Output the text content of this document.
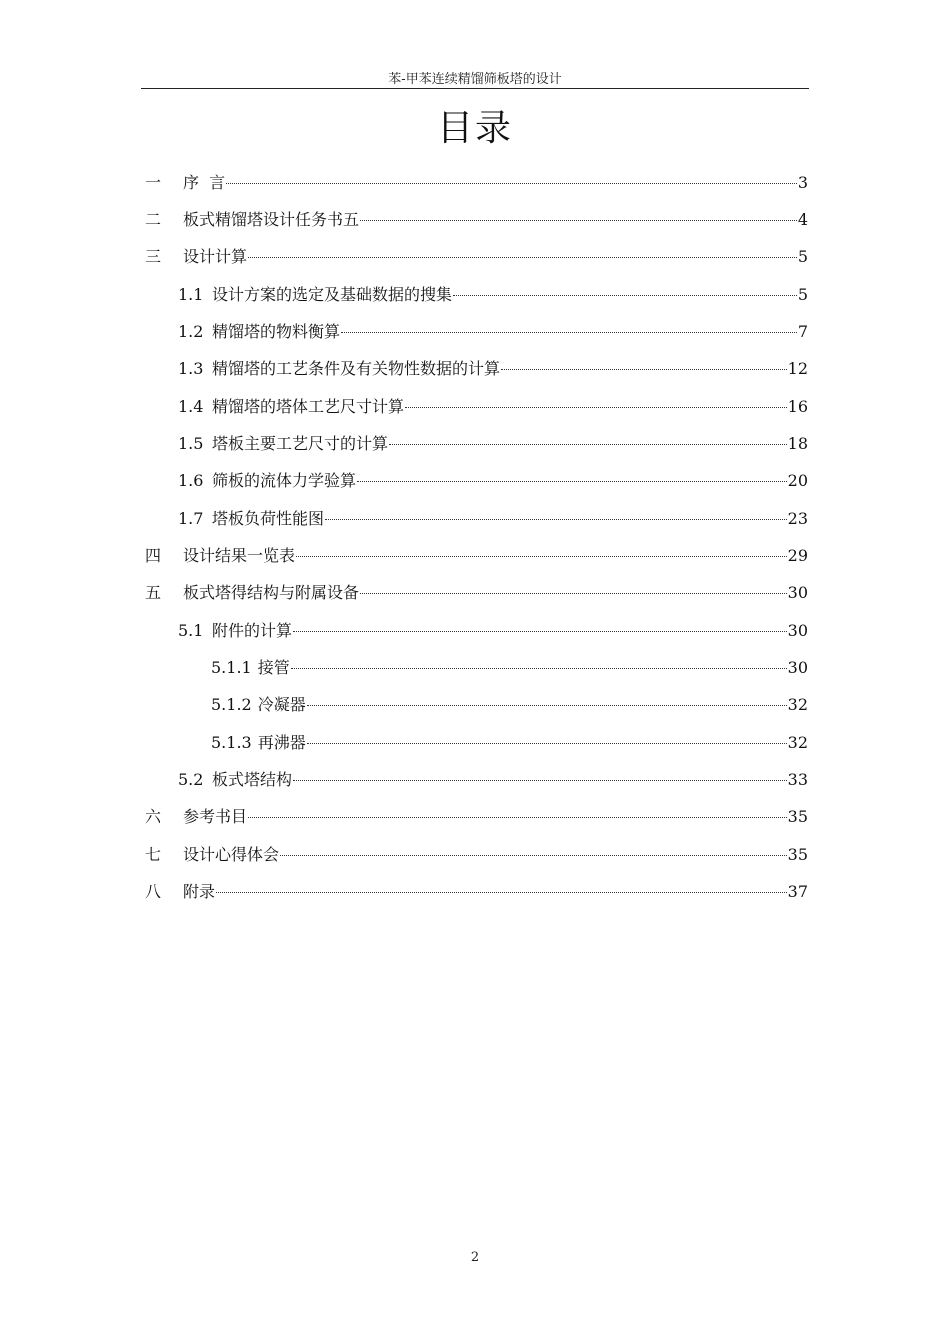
苯-甲苯连续精馏筛板塔的设计
目录
一	序  言	3
二	板式精馏塔设计任务书五	4
三	设计计算	5
1.1 设计方案的选定及基础数据的搜集	5
1.2 精馏塔的物料衡算	7
1.3 精馏塔的工艺条件及有关物性数据的计算	12
1.4 精馏塔的塔体工艺尺寸计算	16
1.5 塔板主要工艺尺寸的计算	18
1.6 筛板的流体力学验算	20
1.7 塔板负荷性能图	23
四	设计结果一览表	29
五	板式塔得结构与附属设备	30
5.1 附件的计算	30
5.1.1 接管	30
5.1.2 冷凝器	32
5.1.3 再沸器	32
5.2 板式塔结构	33
六	参考书目	35
七	设计心得体会	35
八	附录	37
2
